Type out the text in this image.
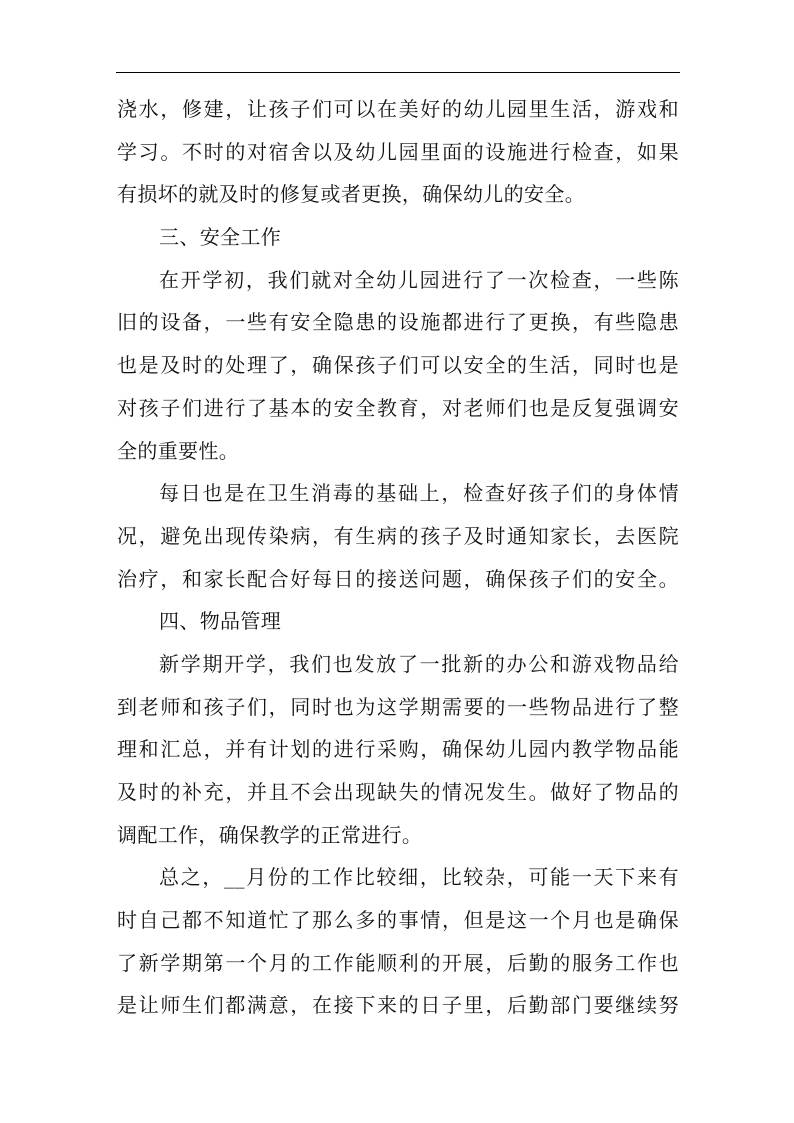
浇水，修建，让孩子们可以在美好的幼儿园里生活，游戏和
学习。不时的对宿舍以及幼儿园里面的设施进行检查，如果
有损坏的就及时的修复或者更换，确保幼儿的安全。
三、安全工作
在开学初，我们就对全幼儿园进行了一次检查，一些陈
旧的设备，一些有安全隐患的设施都进行了更换，有些隐患
也是及时的处理了，确保孩子们可以安全的生活，同时也是
对孩子们进行了基本的安全教育，对老师们也是反复强调安
全的重要性。
每日也是在卫生消毒的基础上，检查好孩子们的身体情
况，避免出现传染病，有生病的孩子及时通知家长，去医院
治疗，和家长配合好每日的接送问题，确保孩子们的安全。
四、物品管理
新学期开学，我们也发放了一批新的办公和游戏物品给
到老师和孩子们，同时也为这学期需要的一些物品进行了整
理和汇总，并有计划的进行采购，确保幼儿园内教学物品能
及时的补充，并且不会出现缺失的情况发生。做好了物品的
调配工作，确保教学的正常进行。
总之，__月份的工作比较细，比较杂，可能一天下来有
时自己都不知道忙了那么多的事情，但是这一个月也是确保
了新学期第一个月的工作能顺利的开展，后勤的服务工作也
是让师生们都满意，在接下来的日子里，后勤部门要继续努
